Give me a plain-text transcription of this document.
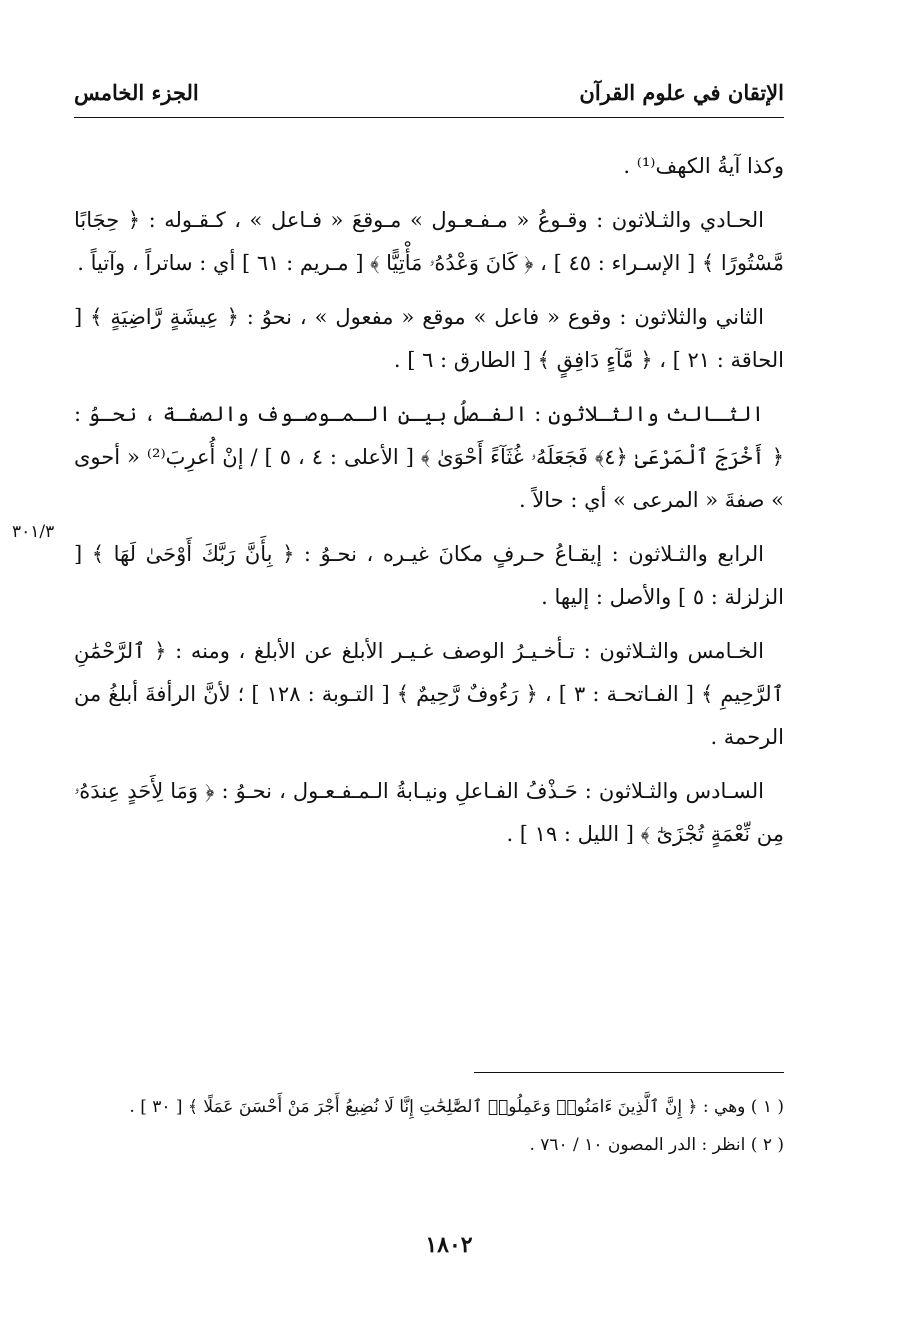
الإتقان في علوم القرآن
الجزء الخامس

وكذا آيةُ الكهف⁽¹⁾ .

الحـادي والثـلاثون : وقـوعُ « مـفـعـول » مـوقعَ « فـاعل » ، كـقـوله : ﴿ حِجَابًا مَّسْتُورًا ﴾ [ الإسـراء : ٤٥ ] ، ﴿ كَانَ وَعْدُهُۥ مَأْتِيًّا ﴾ [ مـريم : ٦١ ] أي : ساتراً ، وآتياً .

الثاني والثلاثون : وقوع « فاعل » موقع « مفعول » ، نحوُ : ﴿ عِيشَةٍ رَّاضِيَةٍ ﴾ [ الحاقة : ٢١ ] ، ﴿ مَّآءٍ دَافِقٍ ﴾ [ الطارق : ٦ ] .

الثـالث والثـلاثون : الفـصلُ بيـن الـمـوصـوف والصفـة ، نحـوُ : ﴿ أَخْرَجَ ٱلْمَرْعَىٰ ﴿٤﴾ فَجَعَلَهُۥ غُثَآءً أَحْوَىٰ ﴾ [ الأعلى : ٤ ، ٥ ] / إنْ أُعرِبَ⁽²⁾ « أحوى » صفةَ « المرعى » أي : حالاً .

الرابع والثـلاثون : إيقـاعُ حـرفٍ مكانَ غيـره ، نحـوُ : ﴿ بِأَنَّ رَبَّكَ أَوْحَىٰ لَهَا ﴾ [ الزلزلة : ٥ ] والأصل : إليها .

الخـامس والثـلاثون : تـأخـيـرُ الوصف غـيـر الأبلغ عن الأبلغ ، ومنه : ﴿ ٱلرَّحْمَٰنِ ٱلرَّحِيمِ ﴾ [ الفـاتحـة : ٣ ] ، ﴿ رَءُوفٌ رَّحِيمٌ ﴾ [ التـوبة : ١٢٨ ] ؛ لأنَّ الرأفةَ أبلغُ من الرحمة .

السـادس والثـلاثون : حَـذْفُ الفـاعلِ ونيـابةُ الـمـفـعـول ، نحـوُ : ﴿ وَمَا لِأَحَدٍ عِندَهُۥ مِن نِّعْمَةٍ تُجْزَىٰٓ ﴾ [ الليل : ١٩ ] .

٣٠١/٣
( ١ ) وهي : ﴿ إِنَّ ٱلَّذِينَ ءَامَنُوا۟ وَعَمِلُوا۟ ٱلصَّٰلِحَٰتِ إِنَّا لَا نُضِيعُ أَجْرَ مَنْ أَحْسَنَ عَمَلًا ﴾ [ ٣٠ ] .
( ٢ ) انظر : الدر المصون ١٠ / ٧٦٠ .
١٨٠٢
